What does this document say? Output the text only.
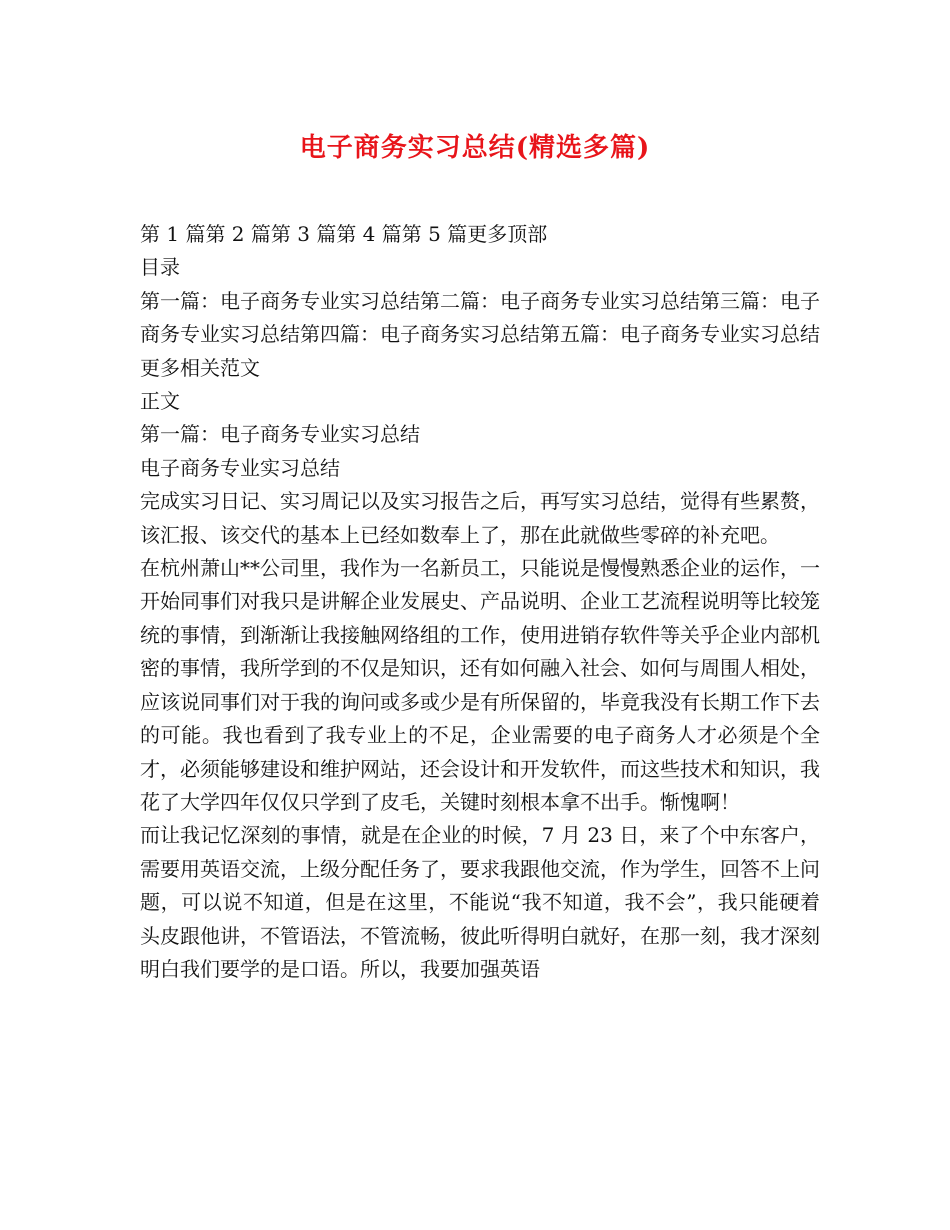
电子商务实习总结(精选多篇)

第 1 篇第 2 篇第 3 篇第 4 篇第 5 篇更多顶部

目录

第一篇：电子商务专业实习总结第二篇：电子商务专业实习总结第三篇：电子商务专业实习总结第四篇：电子商务实习总结第五篇：电子商务专业实习总结更多相关范文

正文

第一篇：电子商务专业实习总结

电子商务专业实习总结

完成实习日记、实习周记以及实习报告之后，再写实习总结，觉得有些累赘，该汇报、该交代的基本上已经如数奉上了，那在此就做些零碎的补充吧。

在杭州萧山**公司里，我作为一名新员工，只能说是慢慢熟悉企业的运作，一开始同事们对我只是讲解企业发展史、产品说明、企业工艺流程说明等比较笼统的事情，到渐渐让我接触网络组的工作，使用进销存软件等关乎企业内部机密的事情，我所学到的不仅是知识，还有如何融入社会、如何与周围人相处，应该说同事们对于我的询问或多或少是有所保留的，毕竟我没有长期工作下去的可能。我也看到了我专业上的不足，企业需要的电子商务人才必须是个全才，必须能够建设和维护网站，还会设计和开发软件，而这些技术和知识，我花了大学四年仅仅只学到了皮毛，关键时刻根本拿不出手。惭愧啊！

而让我记忆深刻的事情，就是在企业的时候，7 月 23 日，来了个中东客户，需要用英语交流，上级分配任务了，要求我跟他交流，作为学生，回答不上问题，可以说不知道，但是在这里，不能说“我不知道，我不会”，我只能硬着头皮跟他讲，不管语法，不管流畅，彼此听得明白就好，在那一刻，我才深刻明白我们要学的是口语。所以，我要加强英语
